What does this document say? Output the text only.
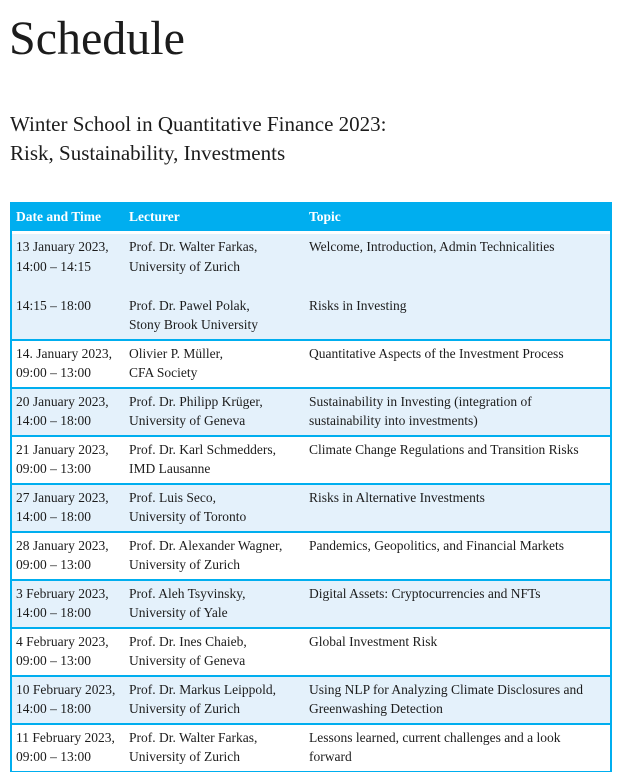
Schedule
Winter School in Quantitative Finance 2023:
Risk, Sustainability, Investments
Date and Time	Lecturer	Topic
13 January 2023,
14:00 – 14:15
14:15 – 18:00
Prof. Dr. Walter Farkas,
University of Zurich
Prof. Dr. Pawel Polak,
Stony Brook University
Welcome, Introduction, Admin Technicalities
Risks in Investing
14. January 2023,
09:00 – 13:00
Olivier P. Müller,
CFA Society
Quantitative Aspects of the Investment Process
20 January 2023,
14:00 – 18:00
Prof. Dr. Philipp Krüger,
University of Geneva
Sustainability in Investing (integration of
sustainability into investments)
21 January 2023,
09:00 – 13:00
Prof. Dr. Karl Schmedders,
IMD Lausanne
Climate Change Regulations and Transition Risks
27 January 2023,
14:00 – 18:00
Prof. Luis Seco,
University of Toronto
Risks in Alternative Investments
28 January 2023,
09:00 – 13:00
Prof. Dr. Alexander Wagner,
University of Zurich
Pandemics, Geopolitics, and Financial Markets
3 February 2023,
14:00 – 18:00
Prof. Aleh Tsyvinsky,
University of Yale
Digital Assets: Cryptocurrencies and NFTs
4 February 2023,
09:00 – 13:00
Prof. Dr. Ines Chaieb,
University of Geneva
Global Investment Risk
10 February 2023,
14:00 – 18:00
Prof. Dr. Markus Leippold,
University of Zurich
Using NLP for Analyzing Climate Disclosures and
Greenwashing Detection
11 February 2023,
09:00 – 13:00
Prof. Dr. Walter Farkas,
University of Zurich
Lessons learned, current challenges and a look
forward
